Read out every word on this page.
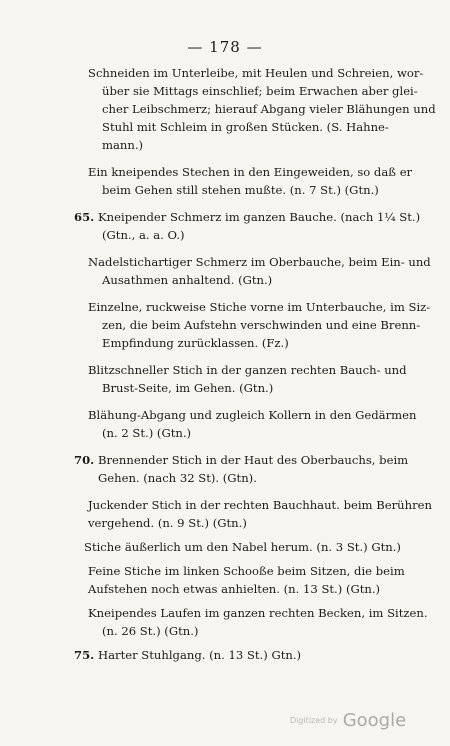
— 178 —
Schneiden im Unterleibe, mit Heulen und Schreien, wor-
über sie Mittags einschlief; beim Erwachen aber glei-
cher Leibschmerz; hierauf Abgang vieler Blähungen und
Stuhl mit Schleim in großen Stücken. (S. Hahne-
mann.)
Ein kneipendes Stechen in den Eingeweiden, so daß er
beim Gehen still stehen mußte. (n. 7 St.) (Gtn.)
65. Kneipender Schmerz im ganzen Bauche. (nach 1¼ St.)
(Gtn., a. a. O.)
Nadelstichartiger Schmerz im Oberbauche, beim Ein- und
Ausathmen anhaltend. (Gtn.)
Einzelne, ruckweise Stiche vorne im Unterbauche, im Siz-
zen, die beim Aufstehn verschwinden und eine Brenn-
Empfindung zurücklassen. (Fz.)
Blitzschneller Stich in der ganzen rechten Bauch- und
Brust-Seite, im Gehen. (Gtn.)
Blähung-Abgang und zugleich Kollern in den Gedärmen
(n. 2 St.) (Gtn.)
70. Brennender Stich in der Haut des Oberbauchs, beim
Gehen. (nach 32 St). (Gtn).
Juckender Stich in der rechten Bauchhaut. beim Berühren
vergehend. (n. 9 St.) (Gtn.)
Stiche äußerlich um den Nabel herum. (n. 3 St.) Gtn.)
Feine Stiche im linken Schooße beim Sitzen, die beim
Aufstehen noch etwas anhielten. (n. 13 St.) (Gtn.)
Kneipendes Laufen im ganzen rechten Becken, im Sitzen.
(n. 26 St.) (Gtn.)
75. Harter Stuhlgang. (n. 13 St.) Gtn.)
Digitized by Google
